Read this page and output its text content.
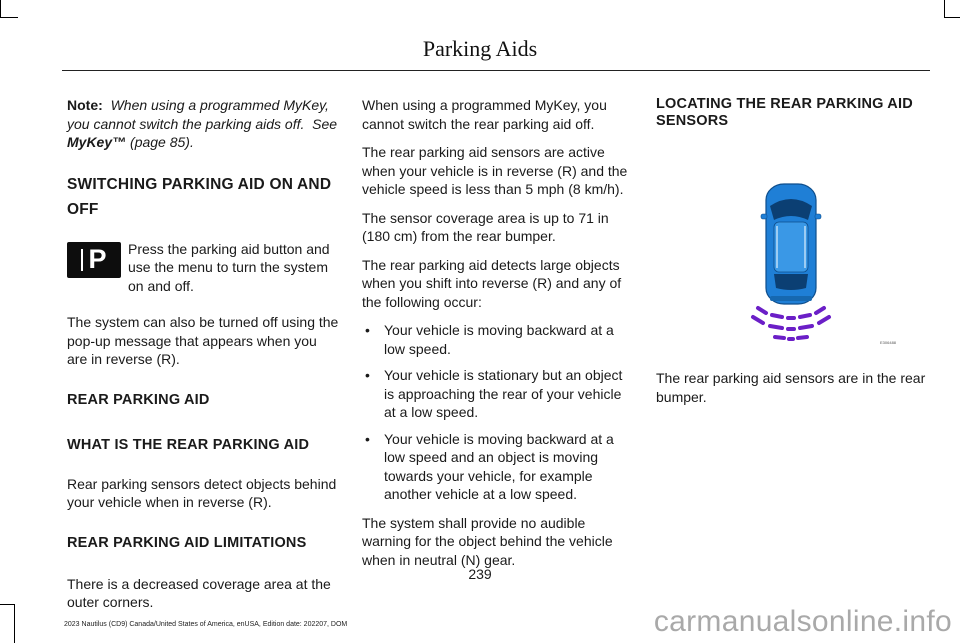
Parking Aids

Note: When using a programmed MyKey, you cannot switch the parking aids off. See MyKey™ (page 85).

SWITCHING PARKING AID ON AND OFF
P Press the parking aid button and use the menu to turn the system on and off.

The system can also be turned off using the pop-up message that appears when you are in reverse (R).

REAR PARKING AID
WHAT IS THE REAR PARKING AID

Rear parking sensors detect objects behind your vehicle when in reverse (R).

REAR PARKING AID LIMITATIONS

There is a decreased coverage area at the outer corners.

When using a programmed MyKey, you cannot switch the rear parking aid off.

The rear parking aid sensors are active when your vehicle is in reverse (R) and the vehicle speed is less than 5 mph (8 km/h).

The sensor coverage area is up to 71 in (180 cm) from the rear bumper.

The rear parking aid detects large objects when you shift into reverse (R) and any of the following occur:

• Your vehicle is moving backward at a low speed.
• Your vehicle is stationary but an object is approaching the rear of your vehicle at a low speed.
• Your vehicle is moving backward at a low speed and an object is moving towards your vehicle, for example another vehicle at a low speed.

The system shall provide no audible warning for the object behind the vehicle when in neutral (N) gear.

LOCATING THE REAR PARKING AID SENSORS
E306488
The rear parking aid sensors are in the rear bumper.
239
2023 Nautilus (CD9) Canada/United States of America, enUSA, Edition date: 202207, DOM	carmanualsonline.info
